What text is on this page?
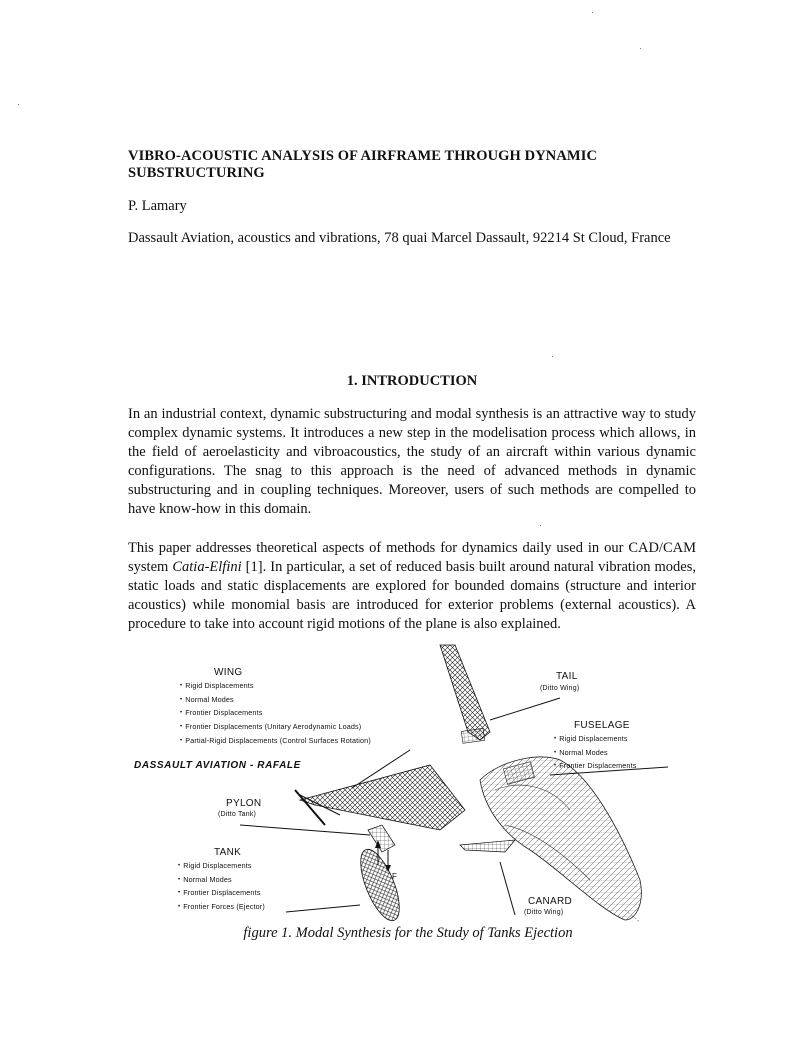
VIBRO-ACOUSTIC ANALYSIS OF AIRFRAME THROUGH DYNAMIC SUBSTRUCTURING
P. Lamary
Dassault Aviation, acoustics and vibrations, 78 quai Marcel Dassault, 92214 St Cloud, France
1. INTRODUCTION
In an industrial context, dynamic substructuring and modal synthesis is an attractive way to study complex dynamic systems. It introduces a new step in the modelisation process which allows, in the field of aeroelasticity and vibroacoustics, the study of an aircraft within various dynamic configurations. The snag to this approach is the need of advanced methods in dynamic substructuring and in coupling techniques. Moreover, users of such methods are compelled to have know-how in this domain.
This paper addresses theoretical aspects of methods for dynamics daily used in our CAD/CAM system Catia-Elfini [1]. In particular, a set of reduced basis built around natural vibration modes, static loads and static displacements are explored for bounded domains (structure and interior acoustics) while monomial basis are introduced for exterior problems (external acoustics). A procedure to take into account rigid motions of the plane is also explained.
WING
• Rigid Displacements
• Normal Modes
• Frontier Displacements
• Frontier Displacements (Unitary Aerodynamic Loads)
• Partial-Rigid Displacements (Control Surfaces Rotation)
TAIL
(Ditto Wing)
FUSELAGE
• Rigid Displacements
• Normal Modes
• Frontier Displacements
DASSAULT AVIATION - RAFALE
PYLON
(Ditto Tank)
TANK
• Rigid Displacements
• Normal Modes
• Frontier Displacements
• Frontier Forces (Ejector)
F
CANARD
(Ditto Wing)
figure 1. Modal Synthesis for the Study of Tanks Ejection
